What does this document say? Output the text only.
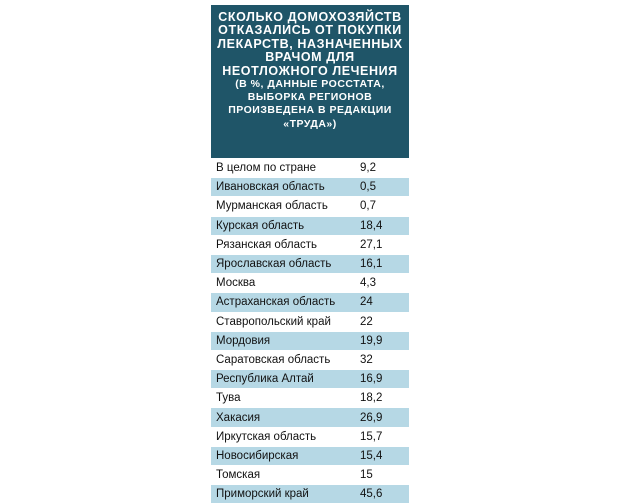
СКОЛЬКО ДОМОХОЗЯЙСТВ ОТКАЗАЛИСЬ ОТ ПОКУПКИ ЛЕКАРСТВ, НАЗНАЧЕННЫХ ВРАЧОМ ДЛЯ НЕОТЛОЖНОГО ЛЕЧЕНИЯ
(В %, ДАННЫЕ РОССТАТА, ВЫБОРКА РЕГИОНОВ ПРОИЗВЕДЕНА В РЕДАКЦИИ «ТРУДА»)
В целом по стране	9,2
Ивановская область	0,5
Мурманская область	0,7
Курская область	18,4
Рязанская область	27,1
Ярославская область	16,1
Москва	4,3
Астраханская область	24
Ставропольский край	22
Мордовия	19,9
Саратовская область	32
Республика Алтай	16,9
Тува	18,2
Хакасия	26,9
Иркутская область	15,7
Новосибирская	15,4
Томская	15
Приморский край	45,6
